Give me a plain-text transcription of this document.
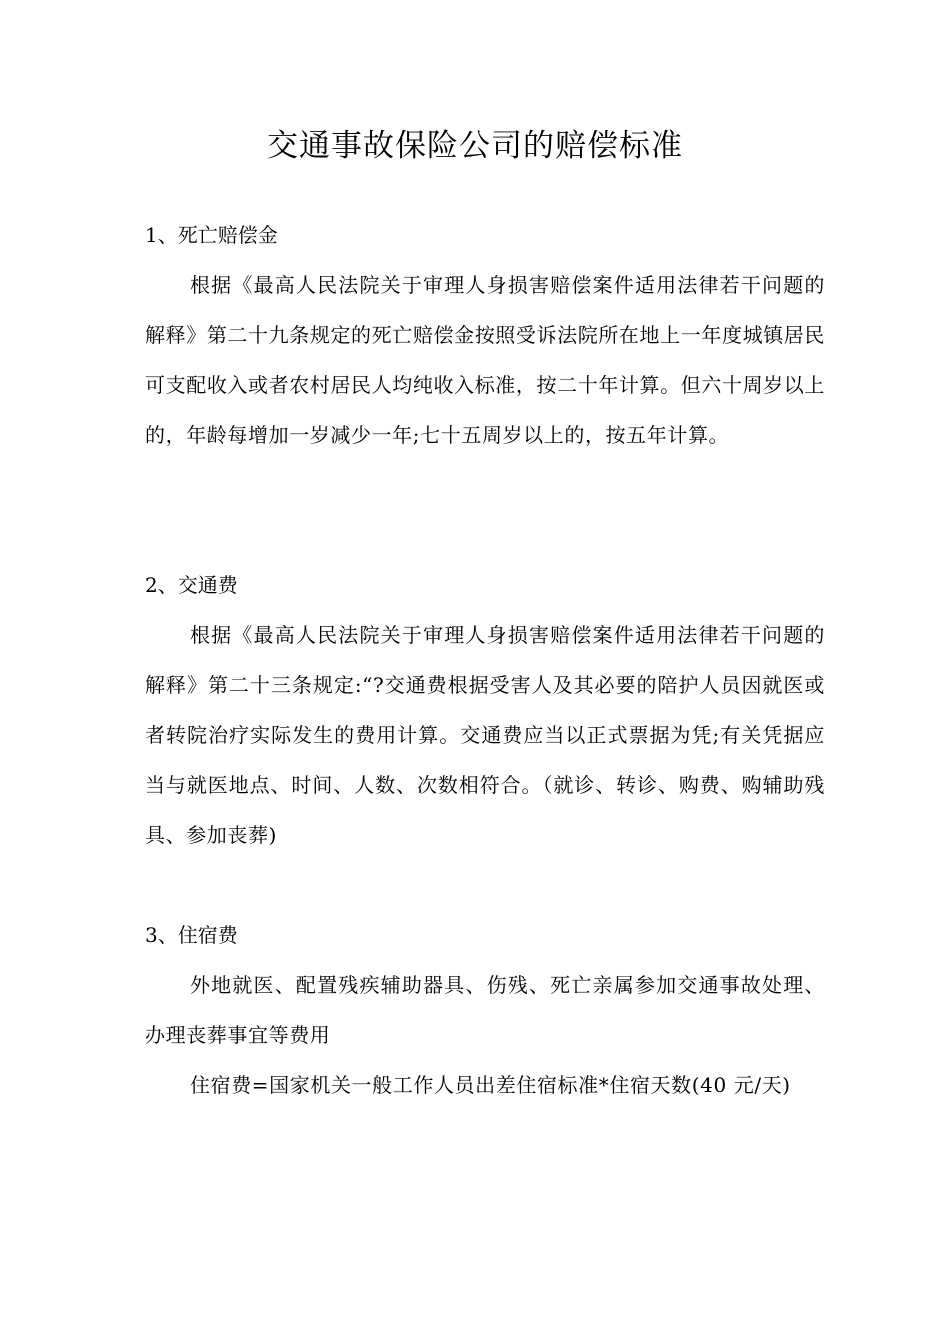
交通事故保险公司的赔偿标准

1、死亡赔偿金

根据《最高人民法院关于审理人身损害赔偿案件适用法律若干问题的解释》第二十九条规定的死亡赔偿金按照受诉法院所在地上一年度城镇居民可支配收入或者农村居民人均纯收入标准，按二十年计算。但六十周岁以上的，年龄每增加一岁减少一年;七十五周岁以上的，按五年计算。

2、交通费

根据《最高人民法院关于审理人身损害赔偿案件适用法律若干问题的解释》第二十三条规定:“?交通费根据受害人及其必要的陪护人员因就医或者转院治疗实际发生的费用计算。交通费应当以正式票据为凭;有关凭据应当与就医地点、时间、人数、次数相符合。（就诊、转诊、购费、购辅助残具、参加丧葬)

3、住宿费

外地就医、配置残疾辅助器具、伤残、死亡亲属参加交通事故处理、办理丧葬事宜等费用

住宿费=国家机关一般工作人员出差住宿标准*住宿天数(40 元/天)
